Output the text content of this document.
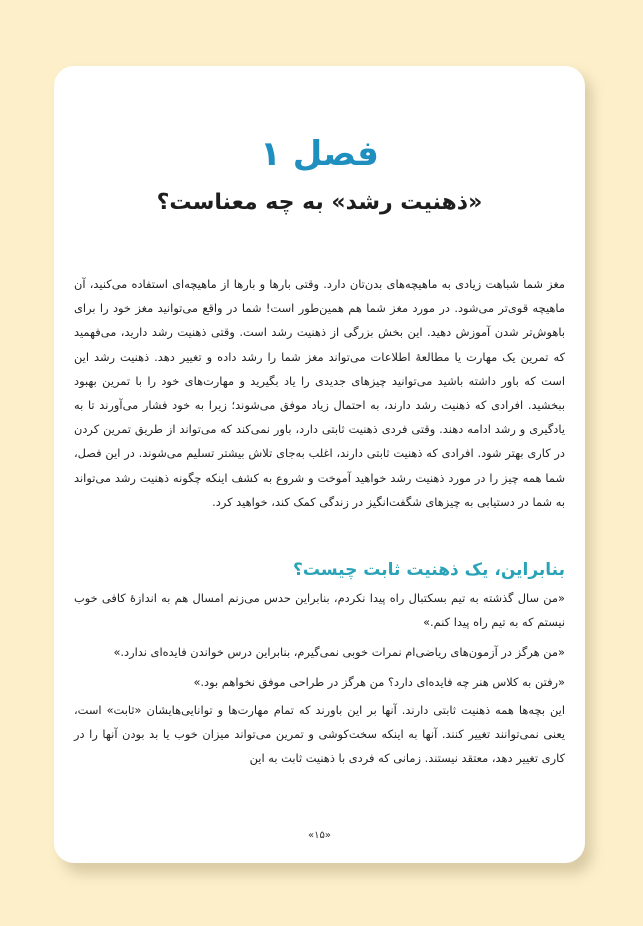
فصل ۱
«ذهنیت رشد» به چه معناست؟

مغز شما شباهت زیادی به ماهیچه‌های بدن‌تان دارد. وقتی بارها و بارها از ماهیچه‌ای استفاده می‌کنید، آن ماهیچه قوی‌تر می‌شود. در مورد مغز شما هم همین‌طور است! شما در واقع می‌توانید مغز خود را برای باهوش‌تر شدن آموزش دهید. این بخش بزرگی از ذهنیت رشد است. وقتی ذهنیت رشد دارید، می‌فهمید که تمرین یک مهارت یا مطالعهٔ اطلاعات می‌تواند مغز شما را رشد داده و تغییر دهد. ذهنیت رشد این است که باور داشته باشید می‌توانید چیزهای جدیدی را یاد بگیرید و مهارت‌های خود را با تمرین بهبود ببخشید. افرادی که ذهنیت رشد دارند، به احتمال زیاد موفق می‌شوند؛ زیرا به خود فشار می‌آورند تا به یادگیری و رشد ادامه دهند. وقتی فردی ذهنیت ثابتی دارد، باور نمی‌کند که می‌تواند از طریق تمرین کردن در کاری بهتر شود. افرادی که ذهنیت ثابتی دارند، اغلب به‌جای تلاش بیشتر تسلیم می‌شوند. در این فصل، شما همه چیز را در مورد ذهنیت رشد خواهید آموخت و شروع به کشف اینکه چگونه ذهنیت رشد می‌تواند به شما در دستیابی به چیزهای شگفت‌انگیز در زندگی کمک کند، خواهید کرد.

بنابراین، یک ذهنیت ثابت چیست؟

«من سال گذشته به تیم بسکتبال راه پیدا نکردم، بنابراین حدس می‌زنم امسال هم به اندازهٔ کافی خوب نیستم که به تیم راه پیدا کنم.»

«من هرگز در آزمون‌های ریاضی‌ام نمرات خوبی نمی‌گیرم، بنابراین درس خواندن فایده‌ای ندارد.»

«رفتن به کلاس هنر چه فایده‌ای دارد؟ من هرگز در طراحی موفق نخواهم بود.»

این بچه‌ها همه ذهنیت ثابتی دارند. آنها بر این باورند که تمام مهارت‌ها و توانایی‌هایشان «ثابت» است، یعنی نمی‌توانند تغییر کنند. آنها به اینکه سخت‌کوشی و تمرین می‌تواند میزان خوب یا بد بودن آنها را در کاری تغییر دهد، معتقد نیستند. زمانی که فردی با ذهنیت ثابت به این

«۱۵»
